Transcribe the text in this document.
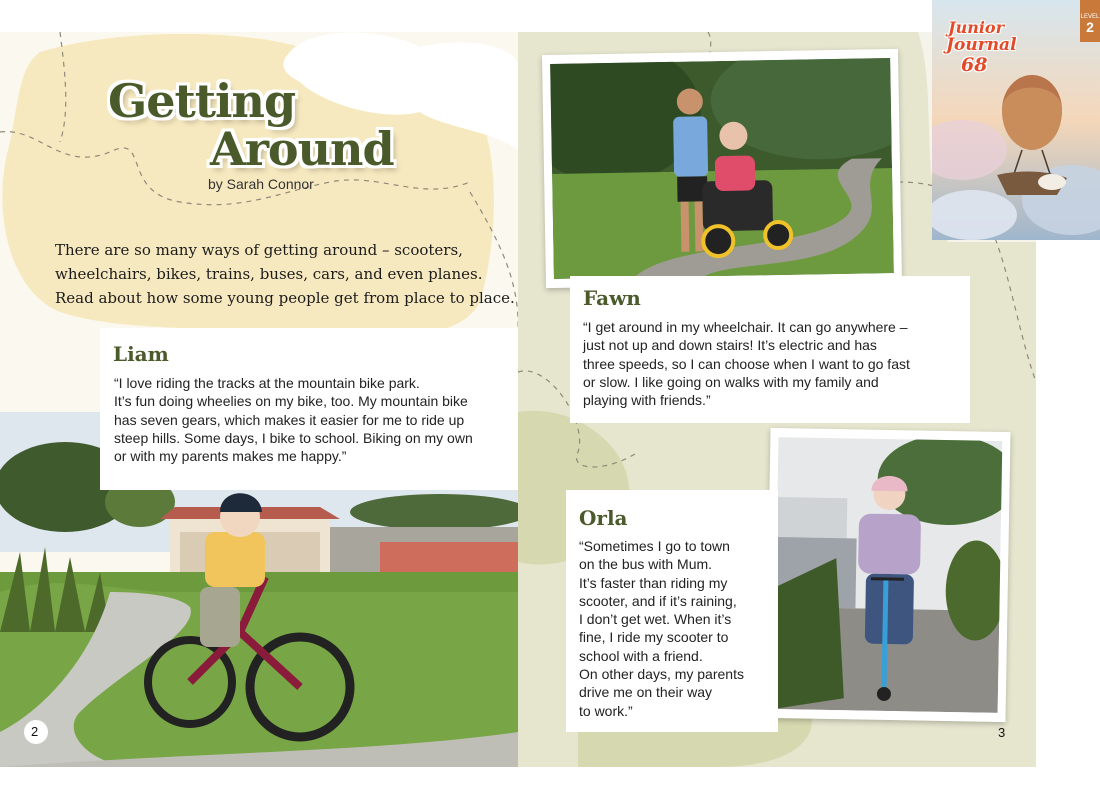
Getting
Around
by Sarah Connor
There are so many ways of getting around – scooters,
wheelchairs, bikes, trains, buses, cars, and even planes.
Read about how some young people get from place to place.
Liam
“I love riding the tracks at the mountain bike park.
It’s fun doing wheelies on my bike, too. My mountain bike
has seven gears, which makes it easier for me to ride up
steep hills. Some days, I bike to school. Biking on my own
or with my parents makes me happy.”
2
Fawn
“I get around in my wheelchair. It can go anywhere –
just not up and down stairs! It’s electric and has
three speeds, so I can choose when I want to go fast
or slow. I like going on walks with my family and
playing with friends.”
Orla
“Sometimes I go to town
on the bus with Mum.
It’s faster than riding my
scooter, and if it’s raining,
I don’t get wet. When it’s
fine, I ride my scooter to
school with a friend.
On other days, my parents
drive me on their way
to work.”
3
Junior
Journal
68
LEVEL
2
